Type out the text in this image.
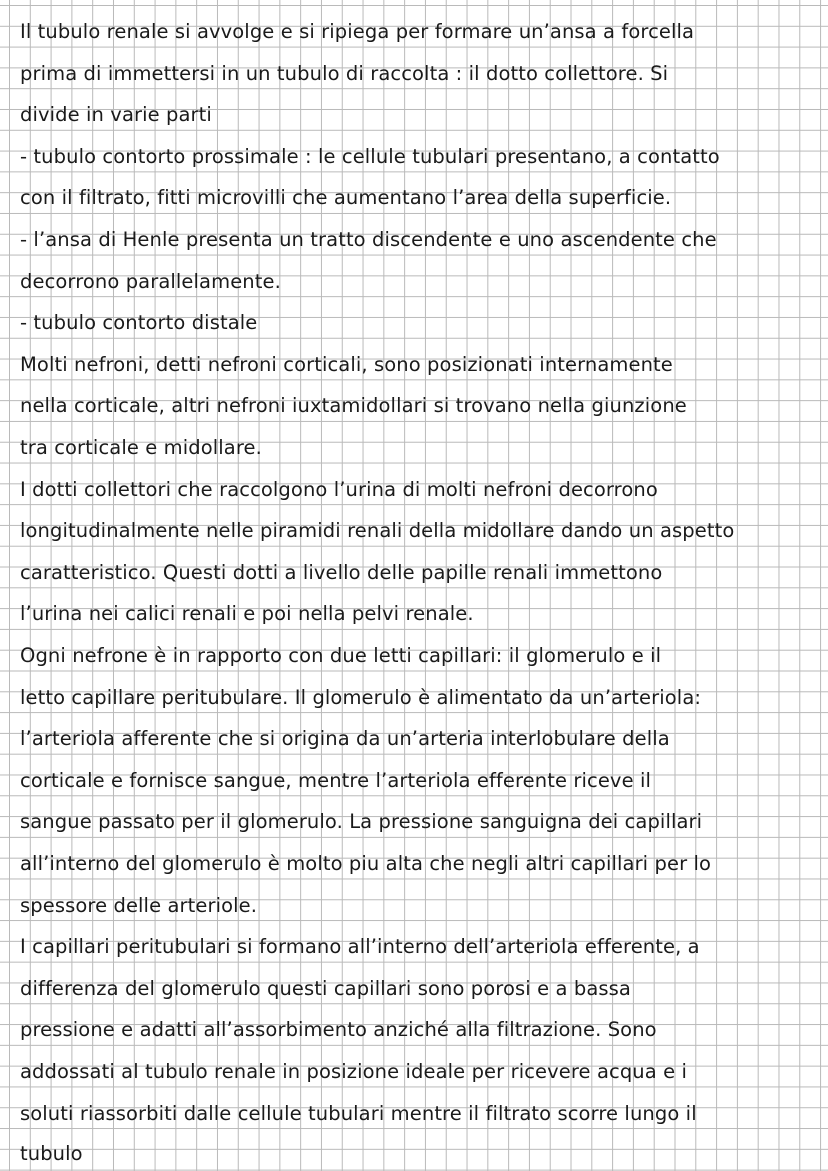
Il tubulo renale si avvolge e si ripiega per formare un’ansa a forcella
prima di immettersi in un tubulo di raccolta : il dotto collettore. Si
divide in varie parti
- tubulo contorto prossimale : le cellule tubulari presentano, a contatto
con il filtrato, fitti microvilli che aumentano l’area della superficie.
- l’ansa di Henle presenta un tratto discendente e uno ascendente che
decorrono parallelamente.
- tubulo contorto distale
Molti nefroni, detti nefroni corticali, sono posizionati internamente
nella corticale, altri nefroni iuxtamidollari si trovano nella giunzione
tra corticale e midollare.
I dotti collettori che raccolgono l’urina di molti nefroni decorrono
longitudinalmente nelle piramidi renali della midollare dando un aspetto
caratteristico. Questi dotti a livello delle papille renali immettono
l’urina nei calici renali e poi nella pelvi renale.
Ogni nefrone è in rapporto con due letti capillari: il glomerulo e il
letto capillare peritubulare. Il glomerulo è alimentato da un’arteriola:
l’arteriola afferente che si origina da un’arteria interlobulare della
corticale e fornisce sangue, mentre l’arteriola efferente riceve il
sangue passato per il glomerulo. La pressione sanguigna dei capillari
all’interno del glomerulo è molto piu alta che negli altri capillari per lo
spessore delle arteriole.
I capillari peritubulari si formano all’interno dell’arteriola efferente, a
differenza del glomerulo questi capillari sono porosi e a bassa
pressione e adatti all’assorbimento anziché alla filtrazione. Sono
addossati al tubulo renale in posizione ideale per ricevere acqua e i
soluti riassorbiti dalle cellule tubulari mentre il filtrato scorre lungo il
tubulo
